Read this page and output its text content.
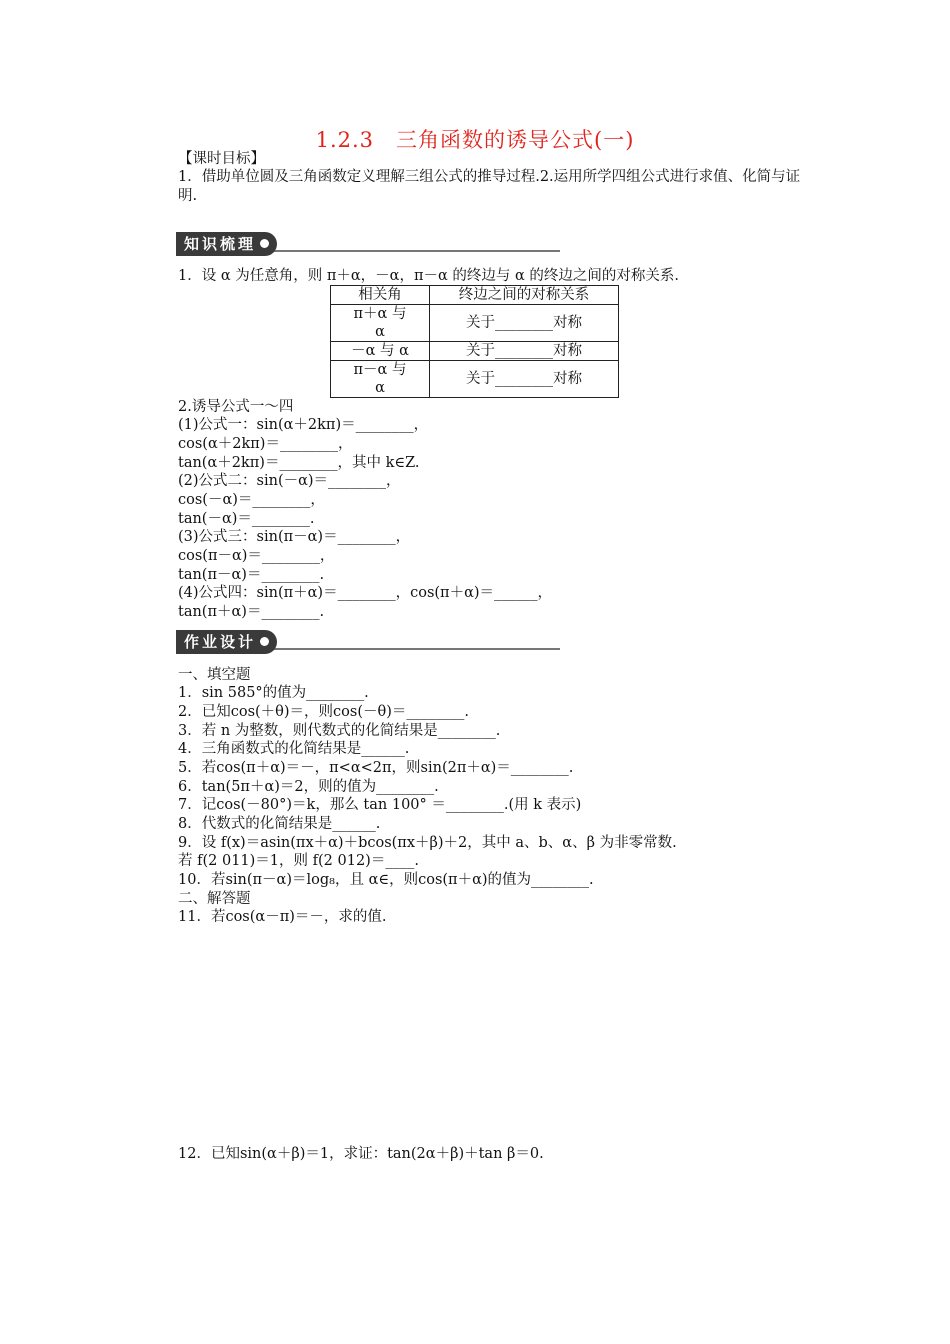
1.2.3　三角函数的诱导公式(一)
【课时目标】
1．借助单位圆及三角函数定义理解三组公式的推导过程.2.运用所学四组公式进行求值、化简与证明.
知识梳理
1．设 α 为任意角，则 π＋α，－α，π－α 的终边与 α 的终边之间的对称关系.
相关角	终边之间的对称关系

π＋α 与
α	关于________对称

－α 与 α	关于________对称

π－α 与
α	关于________对称
2.诱导公式一～四
(1)公式一：sin(α＋2kπ)＝________，
cos(α＋2kπ)＝________，
tan(α＋2kπ)＝________，其中 k∈Z.
(2)公式二：sin(－α)＝________，
cos(－α)＝________，
tan(－α)＝________.
(3)公式三：sin(π－α)＝________，
cos(π－α)＝________，
tan(π－α)＝________.
(4)公式四：sin(π＋α)＝________，cos(π＋α)＝______，
tan(π＋α)＝________.
作业设计
一、填空题
1．sin 585°的值为________.
2．已知cos(＋θ)＝，则cos(－θ)＝________.
3．若 n 为整数，则代数式的化简结果是________.
4．三角函数式的化简结果是______.
5．若cos(π＋α)＝－，π<α<2π，则sin(2π＋α)＝________.
6．tan(5π＋α)＝2，则的值为________.
7．记cos(－80°)＝k，那么 tan 100° ＝________.(用 k 表示)
8．代数式的化简结果是______.
9．设 f(x)＝asin(πx＋α)＋bcos(πx＋β)＋2，其中 a、b、α、β 为非零常数.
若 f(2 011)＝1，则 f(2 012)＝____.
10．若sin(π－α)＝log₈，且 α∈，则cos(π＋α)的值为________.
二、解答题
11．若cos(α－π)＝－，求的值.
12．已知sin(α＋β)＝1，求证：tan(2α＋β)＋tan β＝0.
